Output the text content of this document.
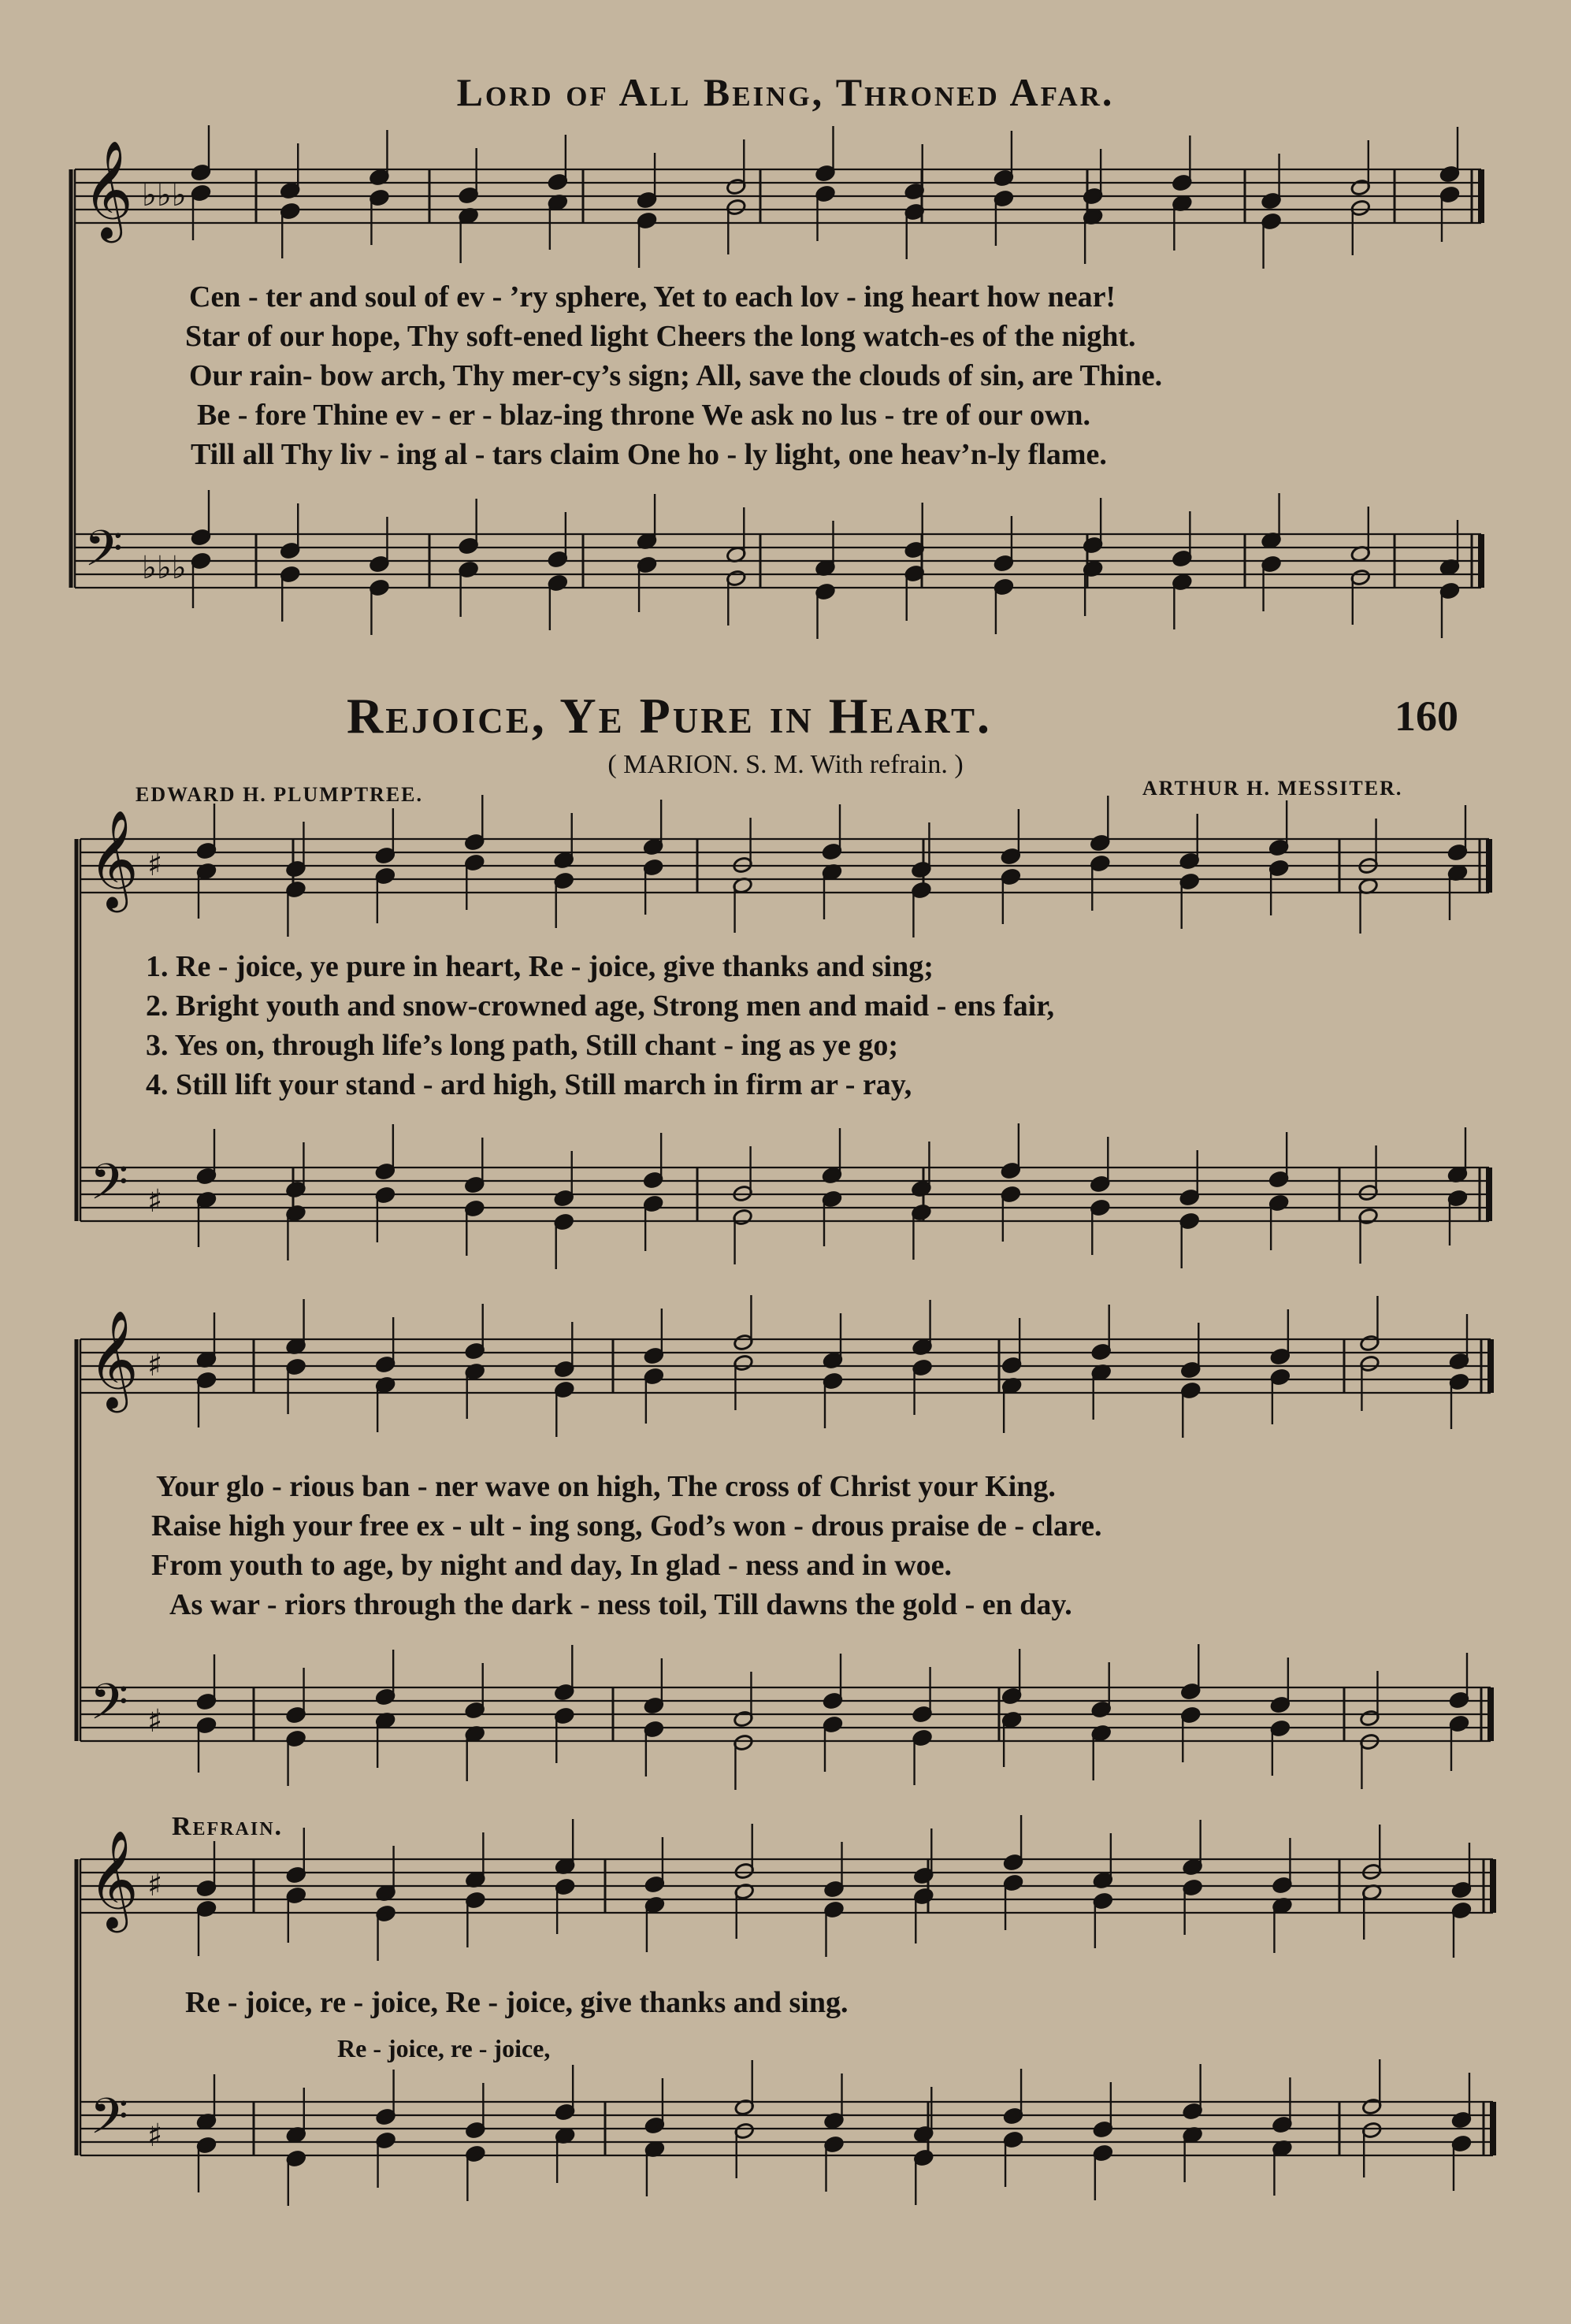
Lord of All Being, Throned Afar.
Cen - ter and soul of ev - ’ry sphere, Yet to each lov - ing heart how near!
Star of our hope, Thy soft-ened light Cheers the long watch-es of the night.
Our rain- bow arch, Thy mer-cy’s sign; All, save the clouds of sin, are Thine.
Be - fore Thine ev - er - blaz-ing throne We ask no lus - tre of our own.
Till all Thy liv - ing al - tars claim One ho - ly light, one heav’n-ly flame.
Rejoice, Ye Pure in Heart.	160
( MARION. S. M. With refrain. )
EDWARD H. PLUMPTREE.	ARTHUR H. MESSITER.
1. Re - joice, ye pure in heart, Re - joice, give thanks and sing;
2. Bright youth and snow-crowned age, Strong men and maid - ens fair,
3. Yes on, through life’s long path, Still chant - ing as ye go;
4. Still lift your stand - ard high, Still march in firm ar - ray,
Your glo - rious ban - ner wave on high, The cross of Christ your King.
Raise high your free ex - ult - ing song, God’s won - drous praise de - clare.
From youth to age, by night and day, In glad - ness and in woe.
As war - riors through the dark - ness toil, Till dawns the gold - en day.
Refrain.
Re - joice, re - joice, Re - joice, give thanks and sing.
Re - joice, re - joice,
𝄞
𝄢
♭♭♭
♭♭♭
𝄞
𝄢
♯
♯
𝄞
𝄢
♯
♯
𝄞
𝄢
♯
♯
